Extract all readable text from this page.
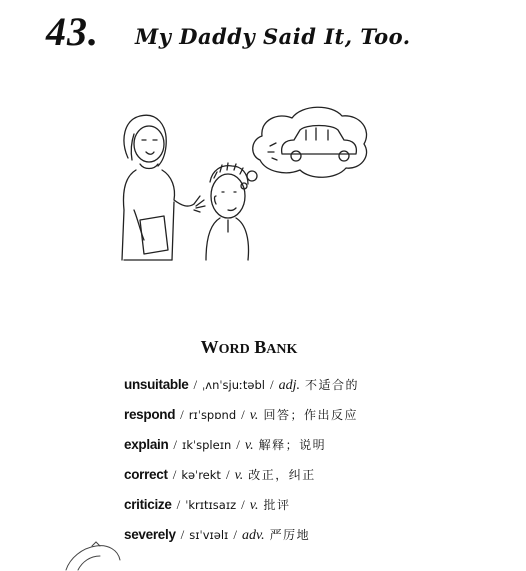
43. My Daddy Said It, Too.
WORD BANK
unsuitable / ˌʌnˈsjuːtəbl / adj. 不适合的
respond / rɪˈspɒnd / v. 回答；作出反应
explain / ɪkˈspleɪn / v. 解释；说明
correct / kəˈrekt / v. 改正，纠正
criticize / ˈkrɪtɪsaɪz / v. 批评
severely / sɪˈvɪəlɪ / adv. 严厉地
